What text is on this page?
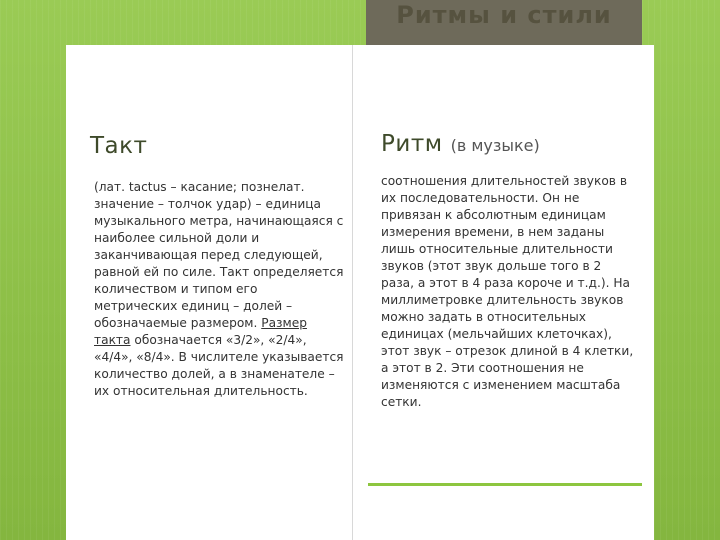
Ритмы и стили
Такт
(лат. tactus – касание; познелат. значение – толчок удар) – единица музыкального метра, начинающаяся с наиболее сильной доли и заканчивающая перед следующей, равной ей по силе. Такт определяется количеством и типом его метрических единиц – долей – обозначаемые размером. Размер такта обозначается «3/2», «2/4», «4/4», «8/4». В числителе указывается количество долей, а в знаменателе – их относительная длительность.
Ритм (в музыке)
соотношения длительностей звуков в их последовательности. Он не привязан к абсолютным единицам измерения времени, в нем заданы лишь относительные длительности звуков (этот звук дольше того в 2 раза, а этот в 4 раза короче и т.д.). На миллиметровке длительность звуков можно задать в относительных единицах (мельчайших клеточках), этот звук – отрезок длиной в 4 клетки, а этот в 2. Эти соотношения не изменяются с изменением масштаба сетки.
